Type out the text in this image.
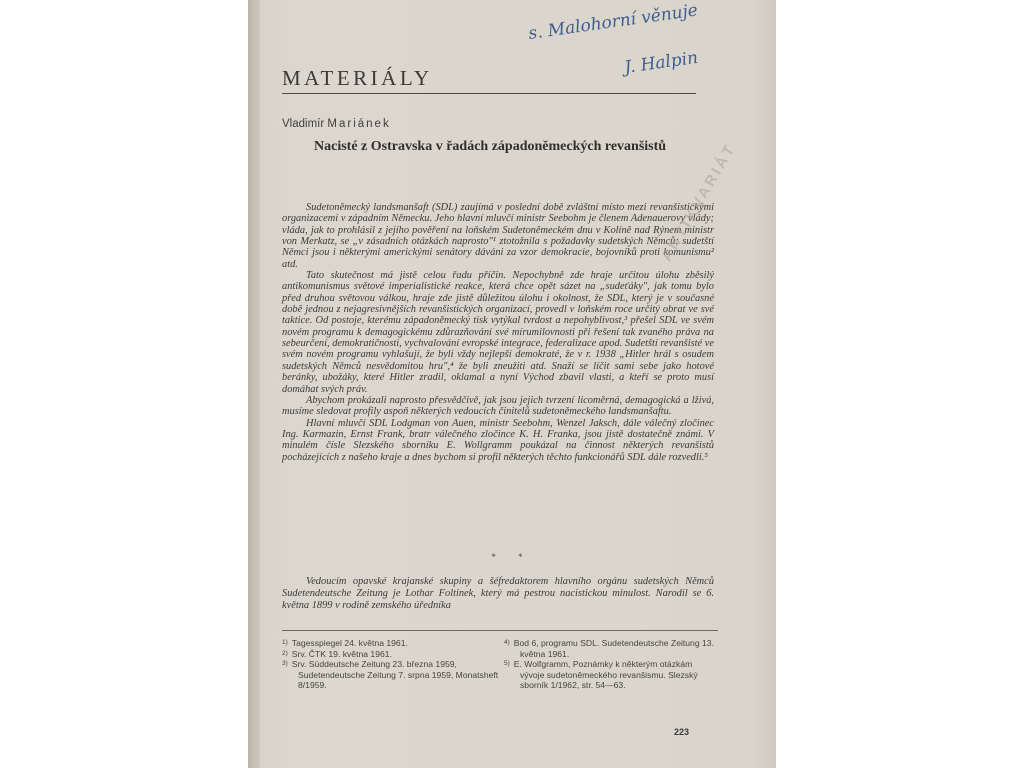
s. Malohorní věnuje
J. Halpin
MATERIÁLY
Vladimír Mariánek
Nacisté z Ostravska v řadách západoněmeckých revanšistů

Sudetoněmecký landsmanšaft (SDL) zaujímá v poslední době zvláštní místo mezi revanšistickými organizacemi v západním Německu. Jeho hlavní mluvčí ministr Seebohm je členem Adenauerovy vlády; vláda, jak to prohlásil z jejího pověření na loňském Sudetoněmeckém dnu v Kolíně nad Rýnem ministr von Merkatz, se „v zásadních otázkách naprosto"¹ ztotožnila s požadavky sudetských Němců; sudetští Němci jsou i některými americkými senátory dáváni za vzor demokracie, bojovníků proti komunismu² atd.

Tato skutečnost má jistě celou řadu příčin. Nepochybně zde hraje určitou úlohu zběsilý antikomunismus světové imperialistické reakce, která chce opět sázet na „sudeťáky", jak tomu bylo před druhou světovou válkou, hraje zde jistě důležitou úlohu i okolnost, že SDL, který je v současné době jednou z nejagresivnějších revanšistických organizací, provedl v loňském roce určitý obrat ve své taktice. Od postoje, kterému západoněmecký tisk vytýkal tvrdost a nepohyblivost,³ přešel SDL ve svém novém programu k demagogickému zdůrazňování své mírumilovnosti při řešení tak zvaného práva na sebeurčení, demokratičnosti, vychvalování evropské integrace, federalizace apod. Sudetští revanšisté ve svém novém programu vyhlašují, že byli vždy nejlepší demokraté, že v r. 1938 „Hitler hrál s osudem sudetských Němců nesvědomitou hru",⁴ že byli zneužiti atd. Snaží se líčit sami sebe jako hotové beránky, ubožáky, které Hitler zradil, oklamal a nyní Východ zbavil vlasti, a kteří se proto musí domáhat svých práv.

Abychom prokázali naprosto přesvědčivě, jak jsou jejich tvrzení licoměrná, demagogická a lživá, musíme sledovat profily aspoň některých vedoucích činitelů sudetoněmeckého landsmanšaftu.

Hlavní mluvčí SDL Lodgman von Auen, ministr Seebohm, Wenzel Jaksch, dále válečný zločinec Ing. Karmazin, Ernst Frank, bratr válečného zločince K. H. Franka, jsou jistě dostatečně známi. V minulém čísle Slezského sborníku E. Wollgramm poukázal na činnost některých revanšistů pocházejících z našeho kraje a dnes bychom si profil některých těchto funkcionářů SDL dále rozvedli.⁵

* *

Vedoucím opavské krajanské skupiny a šéfredaktorem hlavního orgánu sudetských Němců Sudetendeutsche Zeitung je Lothar Foltinek, který má pestrou nacistickou minulost. Narodil se 6. května 1899 v rodině zemského úředníka

$^{1)}$ Tagesspiegel 24. května 1961.

$^{2)}$ Srv. ČTK 19. května 1961.

$^{3)}$ Srv. Süddeutsche Zeitung 23. března 1959, Sudetendeutsche Zeitung 7. srpna 1959, Monatsheft 8/1959.

$^{4)}$ Bod 6, programu SDL. Sudetendeutsche Zeitung 13. května 1961.

$^{5)}$ E. Wolfgramm, Poznámky k některým otázkám vývoje sudetoněmeckého revanšismu. Slezský sborník 1/1962, str. 54—63.

223
ANTIKVARIÁT
